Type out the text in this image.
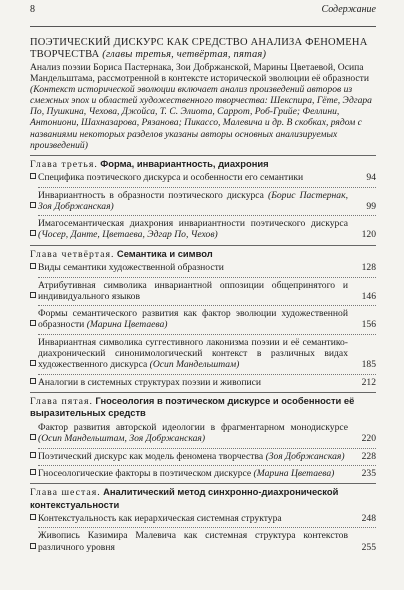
8	Содержание
ПОЭТИЧЕСКИЙ ДИСКУРС КАК СРЕДСТВО АНАЛИЗА ФЕНОМЕНА ТВОРЧЕСТВА (главы третья, четвёртая, пятая)
Анализ поэзии Бориса Пастернака, Зои Добржанской, Марины Цветаевой, Осипа Мандельштама, рассмотренной в контексте исторической эволюции её образности (Контекст исторической эволюции включает анализ произведений авторов из смежных эпох и областей художественного творчества: Шекспира, Гёте, Эдгара По, Пушкина, Чехова, Джойса, Т. С. Элиота, Саррот, Роб-Грийе; Феллини, Антониони, Шахназарова, Рязанова; Пикассо, Малевича и др. В скобках, рядом с названиями некоторых разделов указаны авторы основных анализируемых произведений)
Глава третья. Форма, инвариантность, диахрония
Специфика поэтического дискурса и особенности его семантики	94
Инвариантность в образности поэтического дискурса (Борис Пастернак, Зоя Добржанская)	99
Имагосемантическая диахрония инвариантности поэтического дискурса (Чосер, Данте, Цветаева, Эдгар По, Чехов)	120
Глава четвёртая. Семантика и символ
Виды семантики художественной образности	128
Атрибутивная символика инвариантной оппозиции общепринятого и индивидуального языков	146
Формы семантического развития как фактор эволюции художественной образности (Марина Цветаева)	156
Инвариантная символика суггестивного лаконизма поэзии и её семантико-диахронический синонимологический контекст в различных видах художественного дискурса (Осип Мандельштам)	185
Аналогии в системных структурах поэзии и живописи	212
Глава пятая. Гносеология в поэтическом дискурсе и особенности её выразительных средств
Фактор развития авторской идеологии в фрагментарном монодискурсе (Осип Мандельштам, Зоя Добржанская)	220
Поэтический дискурс как модель феномена творчества (Зоя Добржанская)	228
Гносеологические факторы в поэтическом дискурсе (Марина Цветаева)	235
Глава шестая. Аналитический метод синхронно-диахронической контекстуальности
Контекстуальность как иерархическая системная структура	248
Живопись Казимира Малевича как системная структура контекстов различного уровня	255
